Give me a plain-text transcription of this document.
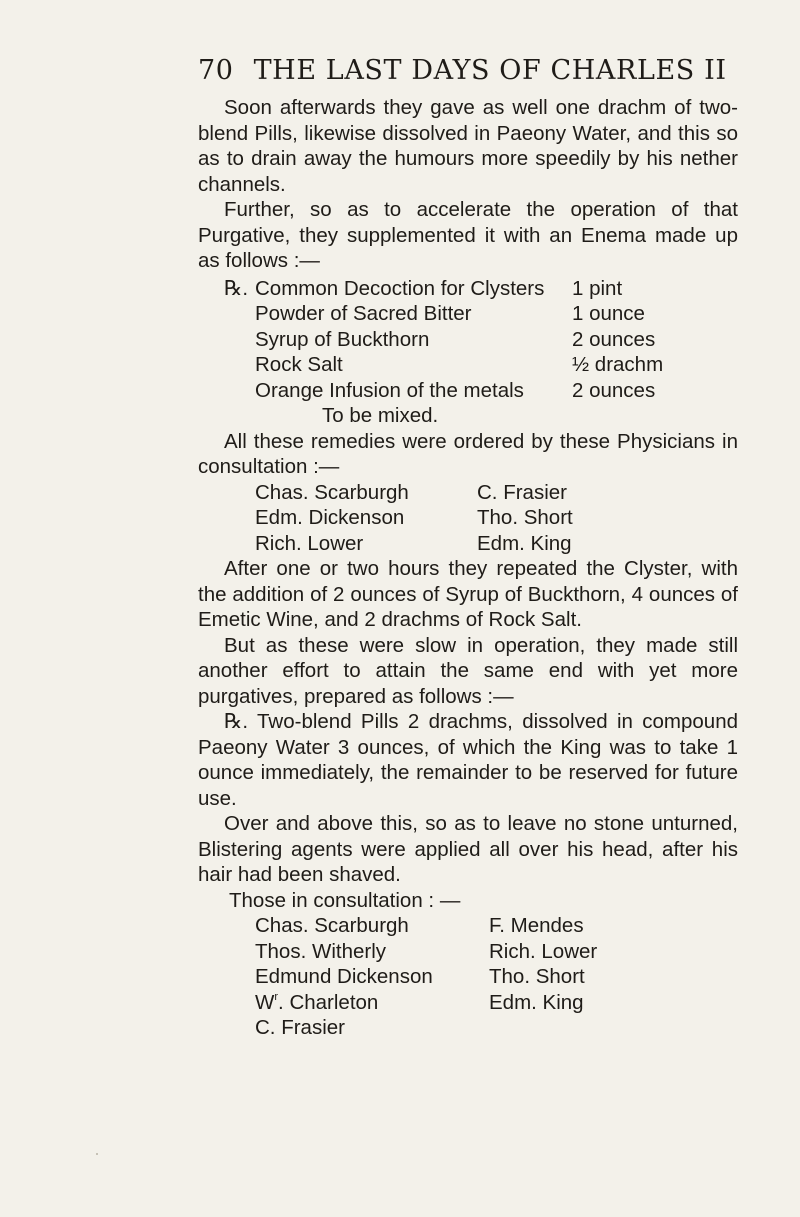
70 THE LAST DAYS OF CHARLES II

Soon afterwards they gave as well one drachm of two-blend Pills, likewise dissolved in Paeony Water, and this so as to drain away the humours more speedily by his nether channels.

Further, so as to accelerate the operation of that Purgative, they supplemented it with an Enema made up as follows :—

℞. Common Decoction for Clysters 1 pint
Powder of Sacred Bitter	1 ounce
Syrup of Buckthorn	2 ounces
Rock Salt	½ drachm
Orange Infusion of the metals 2 ounces
To be mixed.

All these remedies were ordered by these Physicians in consultation :—

Chas. Scarburgh	C. Frasier
Edm. Dickenson	Tho. Short
Rich. Lower	Edm. King

After one or two hours they repeated the Clyster, with the addition of 2 ounces of Syrup of Buckthorn, 4 ounces of Emetic Wine, and 2 drachms of Rock Salt.

But as these were slow in operation, they made still another effort to attain the same end with yet more purgatives, prepared as follows :—

℞. Two-blend Pills 2 drachms, dissolved in compound Paeony Water 3 ounces, of which the King was to take 1 ounce immediately, the remainder to be reserved for future use.

Over and above this, so as to leave no stone unturned, Blistering agents were applied all over his head, after his hair had been shaved.

Those in consultation : —
Chas. Scarburgh	F. Mendes
Thos. Witherly	Rich. Lower
Edmund Dickenson	Tho. Short
$W^r$. Charleton	Edm. King
C. Frasier
